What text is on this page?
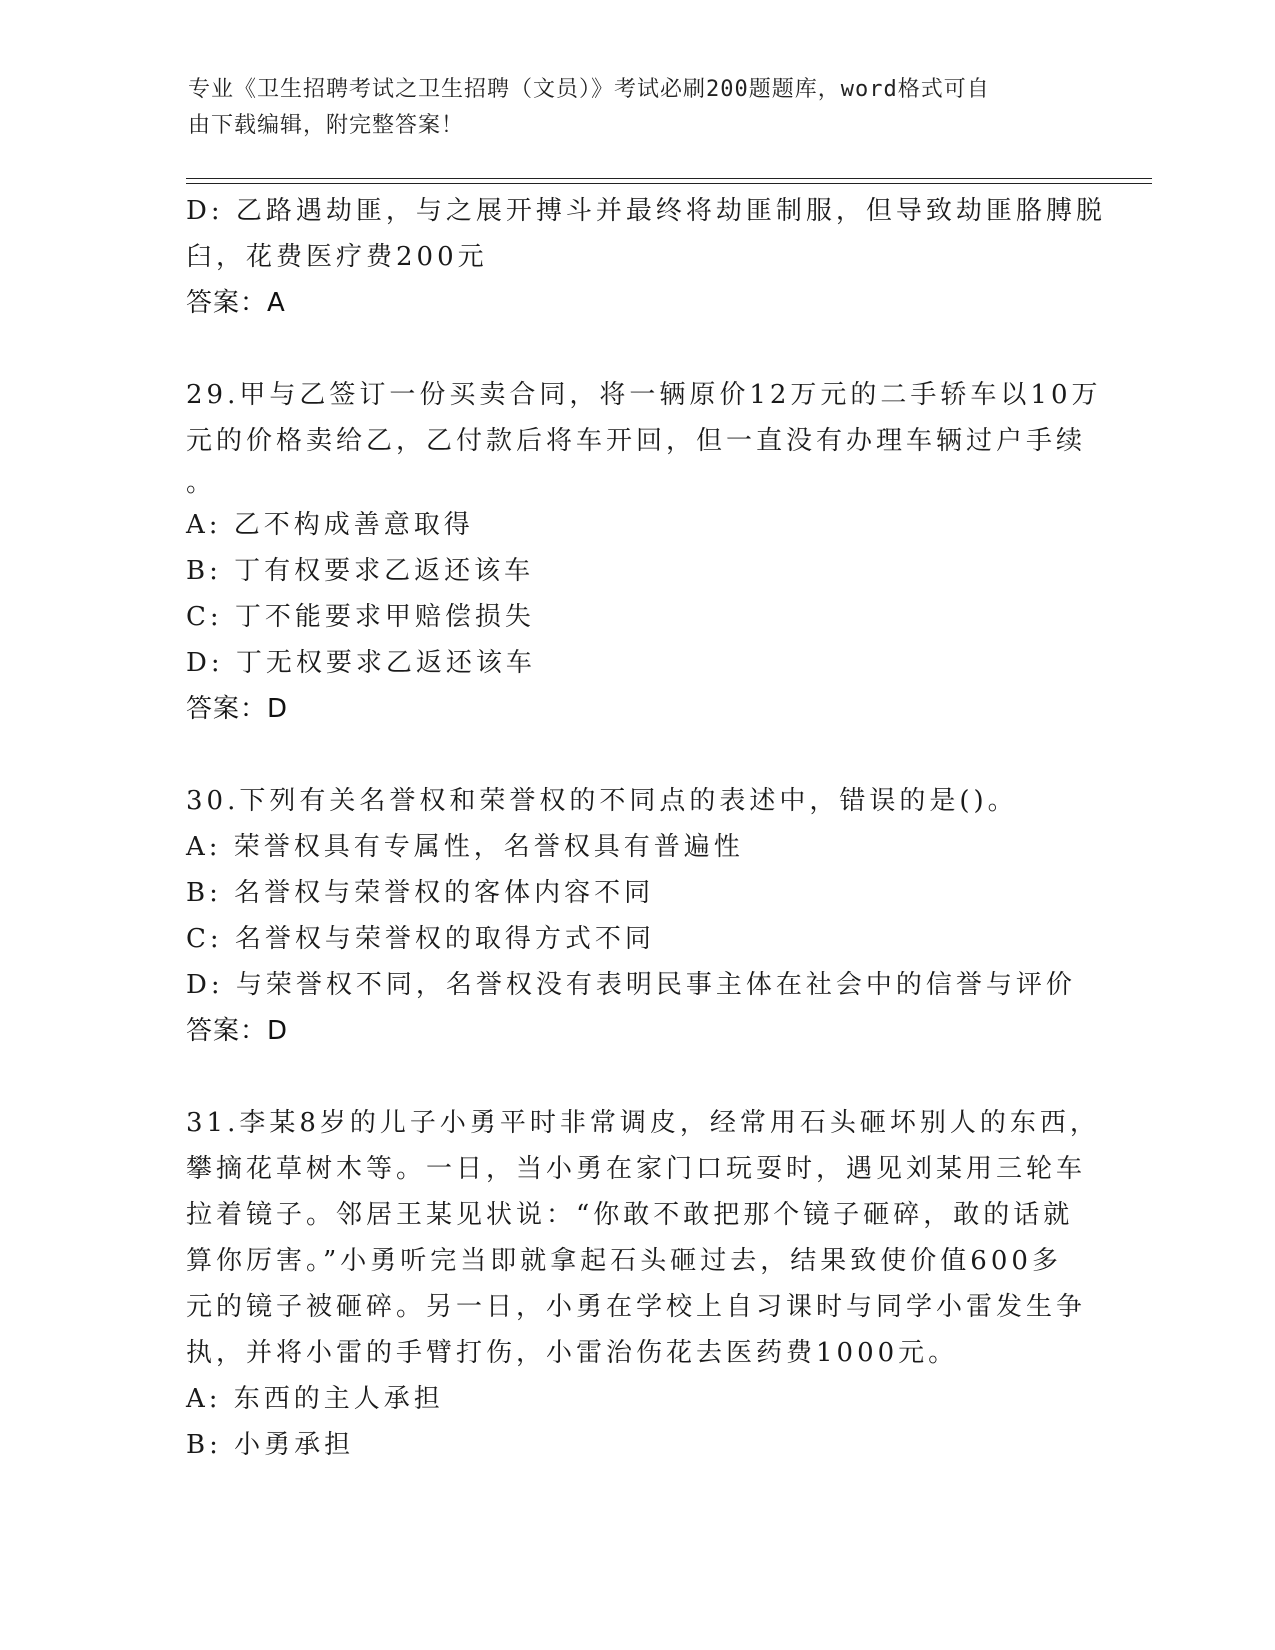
专业《卫生招聘考试之卫生招聘（文员）》考试必刷200题题库，word格式可自
由下载编辑，附完整答案！
D: 乙路遇劫匪，与之展开搏斗并最终将劫匪制服，但导致劫匪胳膊脱
臼，花费医疗费200元
答案：A
29.甲与乙签订一份买卖合同，将一辆原价12万元的二手轿车以10万
元的价格卖给乙，乙付款后将车开回，但一直没有办理车辆过户手续
。
A: 乙不构成善意取得
B: 丁有权要求乙返还该车
C: 丁不能要求甲赔偿损失
D: 丁无权要求乙返还该车
答案：D
30.下列有关名誉权和荣誉权的不同点的表述中，错误的是()。
A: 荣誉权具有专属性，名誉权具有普遍性
B: 名誉权与荣誉权的客体内容不同
C: 名誉权与荣誉权的取得方式不同
D: 与荣誉权不同，名誉权没有表明民事主体在社会中的信誉与评价
答案：D
31.李某8岁的儿子小勇平时非常调皮，经常用石头砸坏别人的东西，
攀摘花草树木等。一日，当小勇在家门口玩耍时，遇见刘某用三轮车
拉着镜子。邻居王某见状说：“你敢不敢把那个镜子砸碎，敢的话就
算你厉害。”小勇听完当即就拿起石头砸过去，结果致使价值600多
元的镜子被砸碎。另一日，小勇在学校上自习课时与同学小雷发生争
执，并将小雷的手臂打伤，小雷治伤花去医药费1000元。
A: 东西的主人承担
B: 小勇承担
